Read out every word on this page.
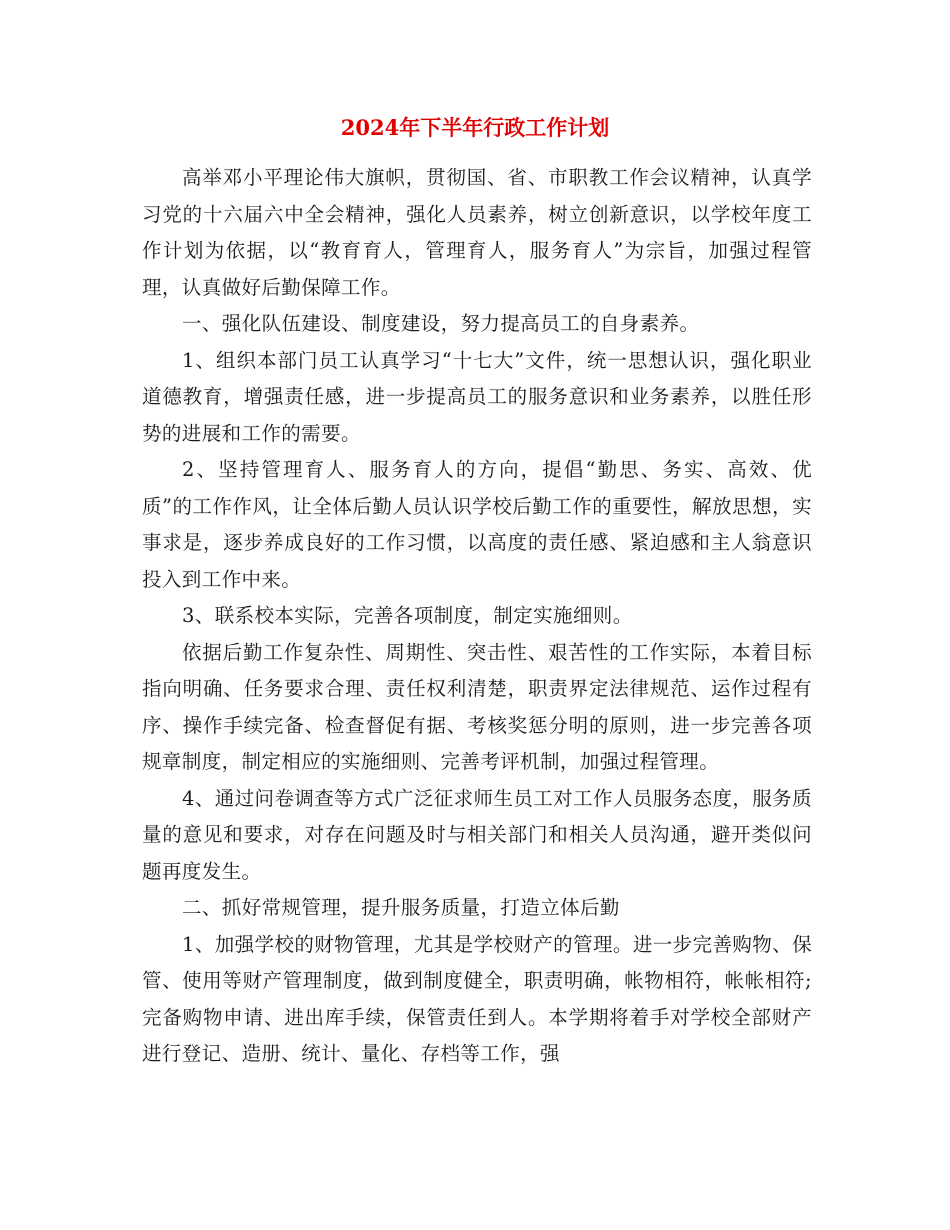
2024年下半年行政工作计划

高举邓小平理论伟大旗帜，贯彻国、省、市职教工作会议精神，认真学习党的十六届六中全会精神，强化人员素养，树立创新意识，以学校年度工作计划为依据，以“教育育人，管理育人，服务育人”为宗旨，加强过程管理，认真做好后勤保障工作。

一、强化队伍建设、制度建设，努力提高员工的自身素养。

1、组织本部门员工认真学习“十七大”文件，统一思想认识，强化职业道德教育，增强责任感，进一步提高员工的服务意识和业务素养，以胜任形势的进展和工作的需要。

2、坚持管理育人、服务育人的方向，提倡“勤思、务实、高效、优质”的工作作风，让全体后勤人员认识学校后勤工作的重要性，解放思想，实事求是，逐步养成良好的工作习惯，以高度的责任感、紧迫感和主人翁意识投入到工作中来。

3、联系校本实际，完善各项制度，制定实施细则。

依据后勤工作复杂性、周期性、突击性、艰苦性的工作实际，本着目标指向明确、任务要求合理、责任权利清楚，职责界定法律规范、运作过程有序、操作手续完备、检查督促有据、考核奖惩分明的原则，进一步完善各项规章制度，制定相应的实施细则、完善考评机制，加强过程管理。

4、通过问卷调查等方式广泛征求师生员工对工作人员服务态度，服务质量的意见和要求，对存在问题及时与相关部门和相关人员沟通，避开类似问题再度发生。

二、抓好常规管理，提升服务质量，打造立体后勤

1、加强学校的财物管理，尤其是学校财产的管理。进一步完善购物、保管、使用等财产管理制度，做到制度健全，职责明确，帐物相符，帐帐相符;完备购物申请、进出库手续，保管责任到人。本学期将着手对学校全部财产进行登记、造册、统计、量化、存档等工作，强
